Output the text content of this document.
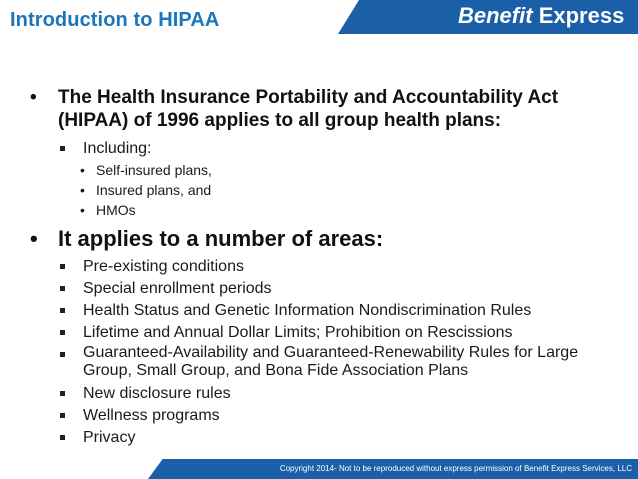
Introduction to HIPAA	Benefit Express
• The Health Insurance Portability and Accountability Act (HIPAA) of 1996 applies to all group health plans:
Including:
• Self-insured plans,
• Insured plans, and
• HMOs
• It applies to a number of areas:
Pre-existing conditions
Special enrollment periods
Health Status and Genetic Information Nondiscrimination Rules
Lifetime and Annual Dollar Limits; Prohibition on Rescissions
Guaranteed-Availability and Guaranteed-Renewability Rules for Large Group, Small Group, and Bona Fide Association Plans
New disclosure rules
Wellness programs
Privacy
Copyright 2014- Not to be reproduced without express permission of Benefit Express Services, LLC
